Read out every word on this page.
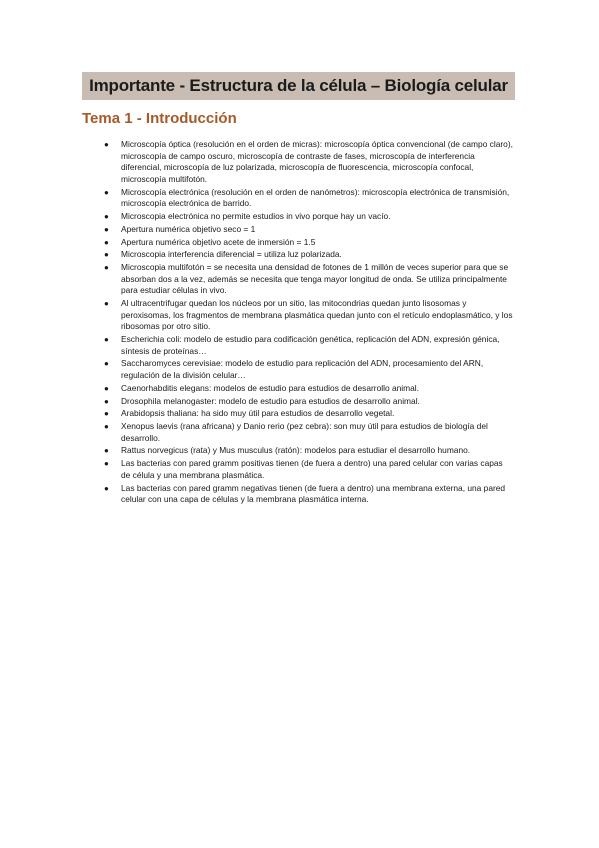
Importante - Estructura de la célula – Biología celular
Tema 1 - Introducción
● Microscopía óptica (resolución en el orden de micras): microscopía óptica convencional (de campo claro), microscopía de campo oscuro, microscopía de contraste de fases, microscopía de interferencia diferencial, microscopía de luz polarizada, microscopía de fluorescencia, microscopía confocal, microscopía multifotón.
● Microscopía electrónica (resolución en el orden de nanómetros): microscopía electrónica de transmisión, microscopía electrónica de barrido.
● Microscopia electrónica no permite estudios in vivo porque hay un vacío.
● Apertura numérica objetivo seco = 1
● Apertura numérica objetivo acete de inmersión = 1.5
● Microscopia interferencia diferencial = utiliza luz polarizada.
● Microscopia multifotón = se necesita una densidad de fotones de 1 millón de veces superior para que se absorban dos a la vez, además se necesita que tenga mayor longitud de onda. Se utiliza principalmente para estudiar células in vivo.
● Al ultracentrifugar quedan los núcleos por un sitio, las mitocondrias quedan junto lisosomas y peroxisomas, los fragmentos de membrana plasmática quedan junto con el retículo endoplasmático, y los ribosomas por otro sitio.
● Escherichia coli: modelo de estudio para codificación genética, replicación del ADN, expresión génica, síntesis de proteínas…
● Saccharomyces cerevisiae: modelo de estudio para replicación del ADN, procesamiento del ARN, regulación de la división celular…
● Caenorhabditis elegans: modelos de estudio para estudios de desarrollo animal.
● Drosophila melanogaster: modelo de estudio para estudios de desarrollo animal.
● Arabidopsis thaliana: ha sido muy útil para estudios de desarrollo vegetal.
● Xenopus laevis (rana africana) y Danio rerio (pez cebra): son muy útil para estudios de biología del desarrollo.
● Rattus norvegicus (rata) y Mus musculus (ratón): modelos para estudiar el desarrollo humano.
● Las bacterias con pared gramm positivas tienen (de fuera a dentro) una pared celular con varias capas de célula y una membrana plasmática.
● Las bacterias con pared gramm negativas tienen (de fuera a dentro) una membrana externa, una pared celular con una capa de células y la membrana plasmática interna.
